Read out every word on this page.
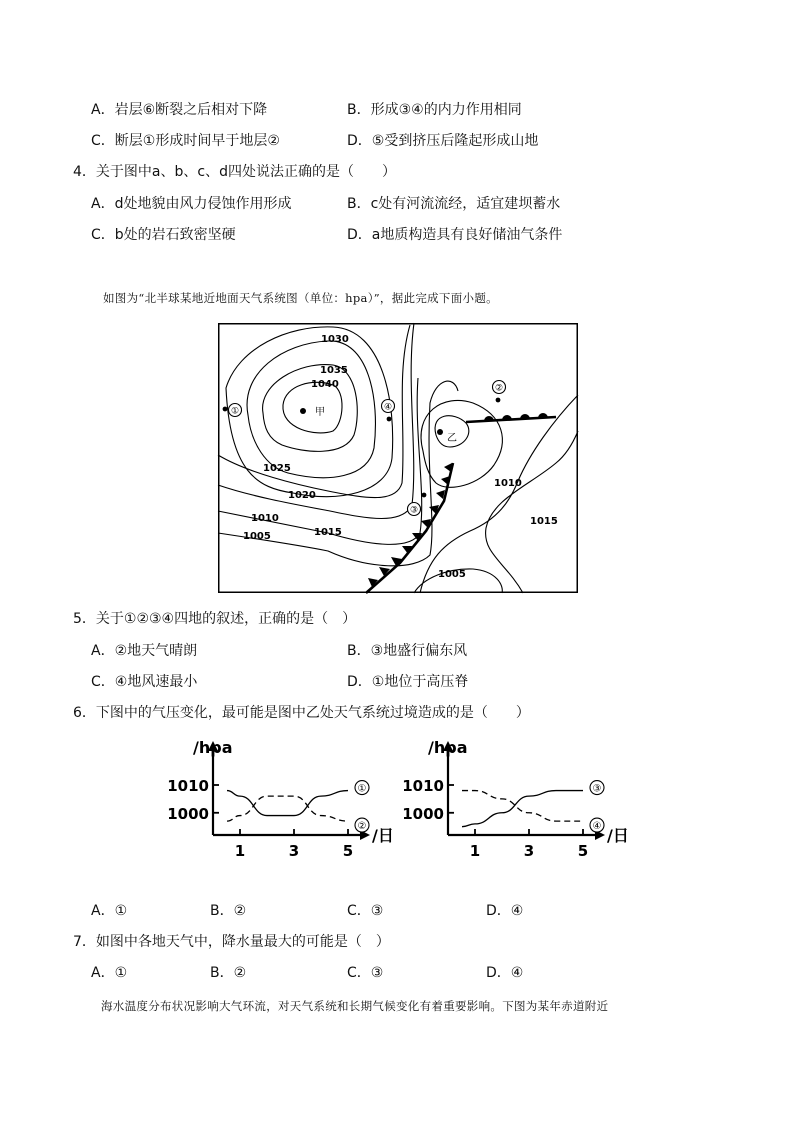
A．岩层⑥断裂之后相对下降	B．形成③④的内力作用相同
C．断层①形成时间早于地层②	D．⑤受到挤压后隆起形成山地
4．关于图中a、b、c、d四处说法正确的是（　　）
A．d处地貌由风力侵蚀作用形成	B．c处有河流流经，适宜建坝蓄水
C．b处的岩石致密坚硬	D．a地质构造具有良好储油气条件
如图为“北半球某地近地面天气系统图（单位：hpa）”，据此完成下面小题。
①
②
③
④
甲
乙
1030
1035
1040
1025
1020
1015
1010
1005
1010
1015
1005
5．关于①②③④四地的叙述，正确的是（　）
A．②地天气晴朗	B．③地盛行偏东风
C．④地风速最小	D．①地位于高压脊
6．下图中的气压变化，最可能是图中乙处天气系统过境造成的是（　　）
/hpa
/日
1	3	5
1010
1000
①
②
/hpa
/日
1	3	5
1010
1000
③
④
A．①	B．②	C．③	D．④
7．如图中各地天气中，降水量最大的可能是（　）
A．①	B．②	C．③	D．④
海水温度分布状况影响大气环流，对天气系统和长期气候变化有着重要影响。下图为某年赤道附近
